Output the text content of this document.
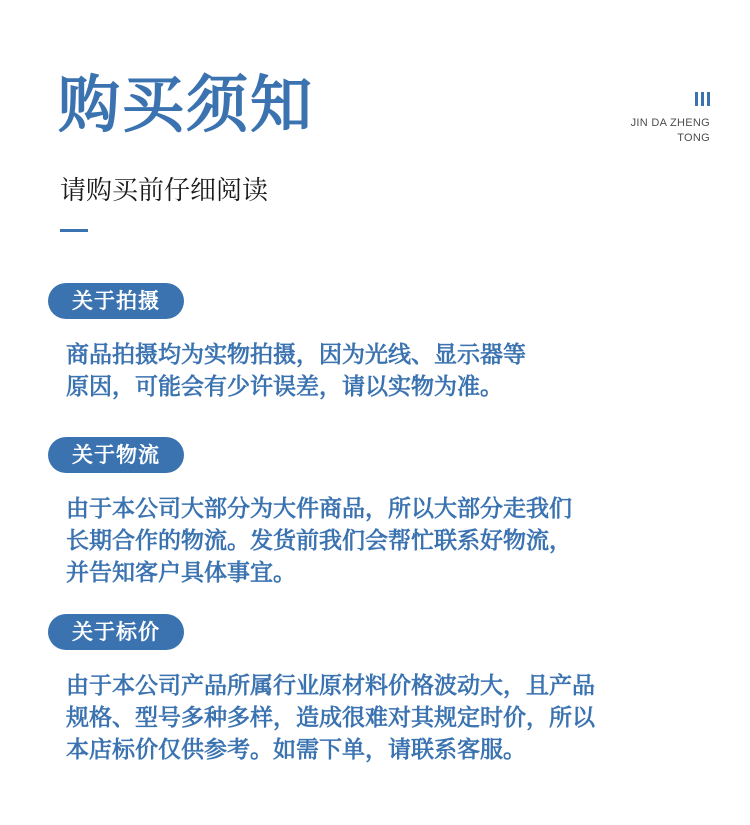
购买须知	JIN DA ZHENG
TONG
请购买前仔细阅读
关于拍摄
商品拍摄均为实物拍摄，因为光线、显示器等
原因，可能会有少许误差，请以实物为准。
关于物流
由于本公司大部分为大件商品，所以大部分走我们
长期合作的物流。发货前我们会帮忙联系好物流，
并告知客户具体事宜。
关于标价
由于本公司产品所属行业原材料价格波动大，且产品
规格、型号多种多样，造成很难对其规定时价，所以
本店标价仅供参考。如需下单，请联系客服。
